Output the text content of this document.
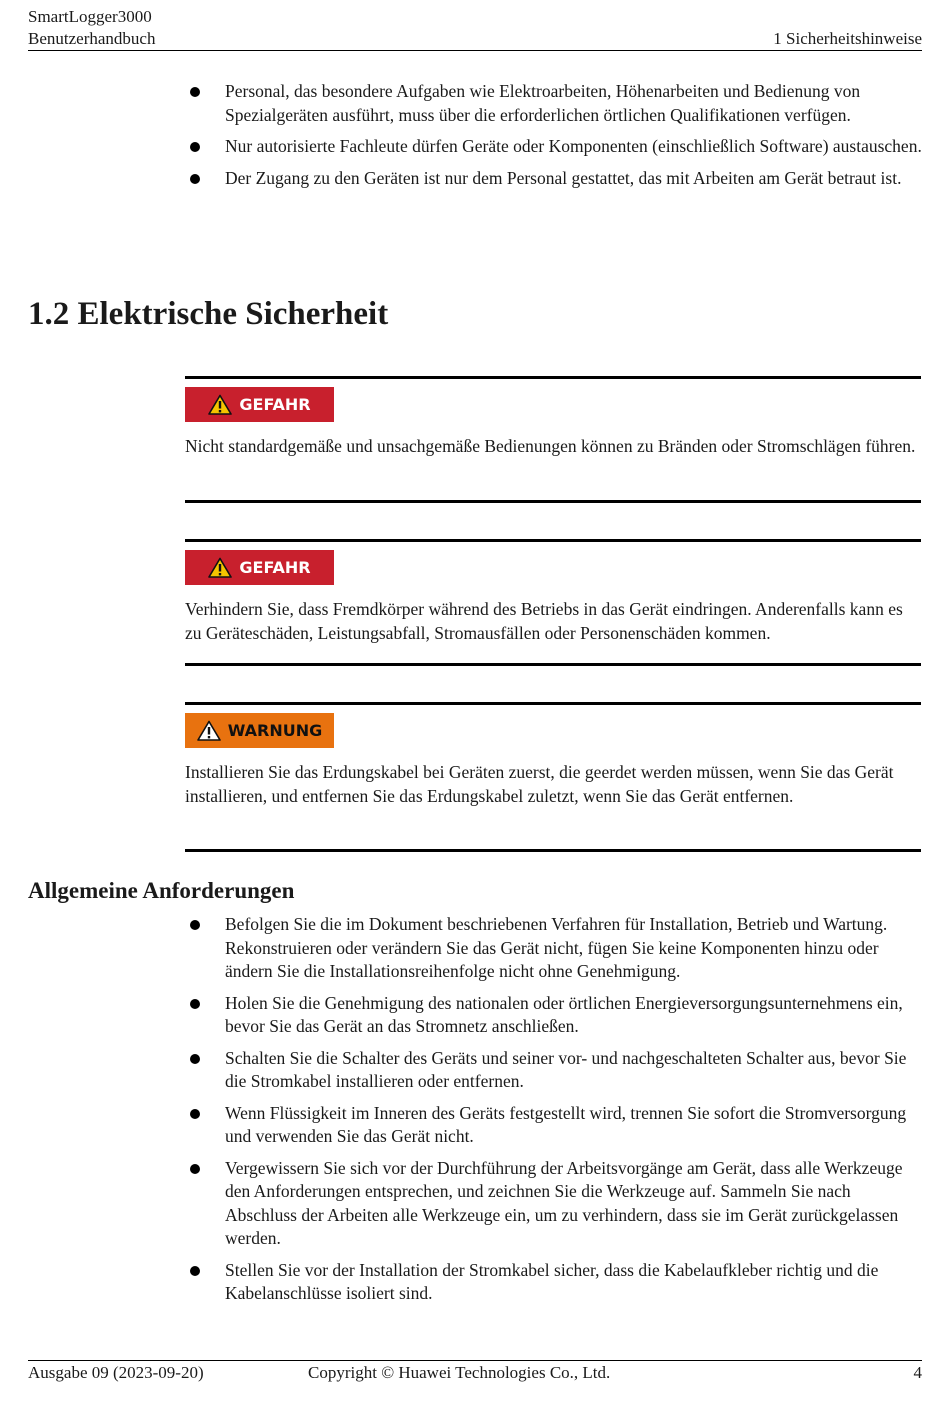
SmartLogger3000
Benutzerhandbuch	1 Sicherheitshinweise
Personal, das besondere Aufgaben wie Elektroarbeiten, Höhenarbeiten und Bedienung von Spezialgeräten ausführt, muss über die erforderlichen örtlichen Qualifikationen verfügen.
Nur autorisierte Fachleute dürfen Geräte oder Komponenten (einschließlich Software) austauschen.
Der Zugang zu den Geräten ist nur dem Personal gestattet, das mit Arbeiten am Gerät betraut ist.
1.2 Elektrische Sicherheit
GEFAHR
Nicht standardgemäße und unsachgemäße Bedienungen können zu Bränden oder Stromschlägen führen.
GEFAHR
Verhindern Sie, dass Fremdkörper während des Betriebs in das Gerät eindringen. Anderenfalls kann es zu Geräteschäden, Leistungsabfall, Stromausfällen oder Personenschäden kommen.
WARNUNG
Installieren Sie das Erdungskabel bei Geräten zuerst, die geerdet werden müssen, wenn Sie das Gerät installieren, und entfernen Sie das Erdungskabel zuletzt, wenn Sie das Gerät entfernen.
Allgemeine Anforderungen
Befolgen Sie die im Dokument beschriebenen Verfahren für Installation, Betrieb und Wartung. Rekonstruieren oder verändern Sie das Gerät nicht, fügen Sie keine Komponenten hinzu oder ändern Sie die Installationsreihenfolge nicht ohne Genehmigung.
Holen Sie die Genehmigung des nationalen oder örtlichen Energieversorgungsunternehmens ein, bevor Sie das Gerät an das Stromnetz anschließen.
Schalten Sie die Schalter des Geräts und seiner vor- und nachgeschalteten Schalter aus, bevor Sie die Stromkabel installieren oder entfernen.
Wenn Flüssigkeit im Inneren des Geräts festgestellt wird, trennen Sie sofort die Stromversorgung und verwenden Sie das Gerät nicht.
Vergewissern Sie sich vor der Durchführung der Arbeitsvorgänge am Gerät, dass alle Werkzeuge den Anforderungen entsprechen, und zeichnen Sie die Werkzeuge auf. Sammeln Sie nach Abschluss der Arbeiten alle Werkzeuge ein, um zu verhindern, dass sie im Gerät zurückgelassen werden.
Stellen Sie vor der Installation der Stromkabel sicher, dass die Kabelaufkleber richtig und die Kabelanschlüsse isoliert sind.
Ausgabe 09 (2023-09-20)	Copyright © Huawei Technologies Co., Ltd.	4
